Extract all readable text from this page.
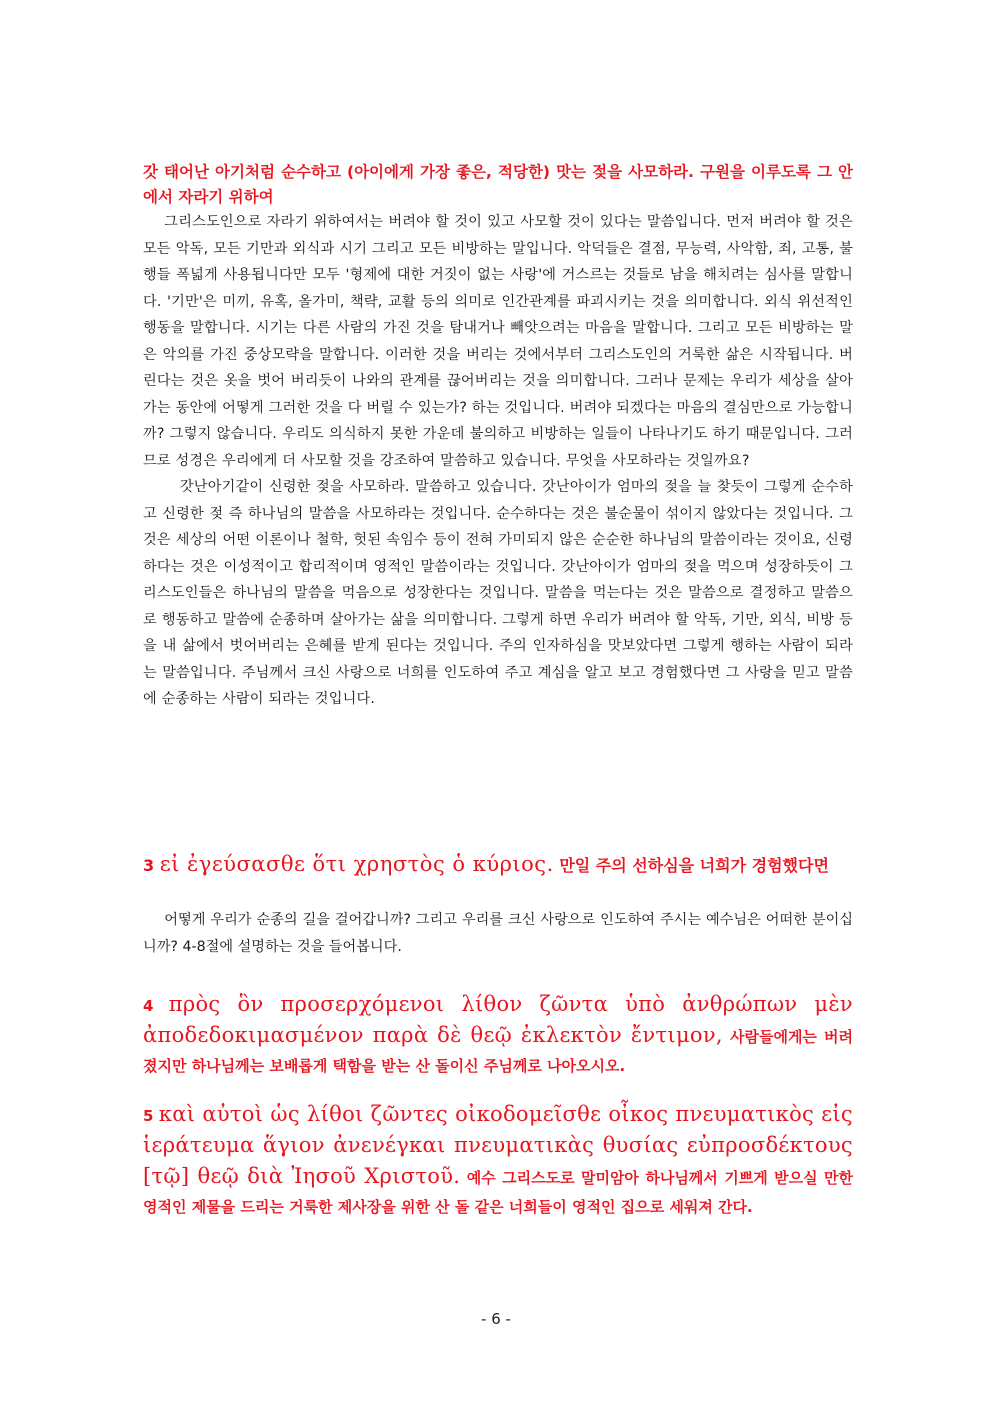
갓 태어난 아기처럼 순수하고 (아이에게 가장 좋은, 적당한) 맛는 젖을 사모하라. 구원을 이루도록 그 안에서 자라기 위하여

그리스도인으로 자라기 위하여서는 버려야 할 것이 있고 사모할 것이 있다는 말씀입니다. 먼저 버려야 할 것은 모든 악독, 모든 기만과 외식과 시기 그리고 모든 비방하는 말입니다. 악덕들은 결점, 무능력, 사악함, 죄, 고통, 불행들 폭넓게 사용됩니다만 모두 '형제에 대한 거짓이 없는 사랑'에 거스르는 것들로 남을 해치려는 심사를 말합니다. '기만'은 미끼, 유혹, 올가미, 책략, 교활 등의 의미로 인간관계를 파괴시키는 것을 의미합니다. 외식 위선적인 행동을 말합니다. 시기는 다른 사람의 가진 것을 탐내거나 빼앗으려는 마음을 말합니다. 그리고 모든 비방하는 말은 악의를 가진 중상모략을 말합니다. 이러한 것을 버리는 것에서부터 그리스도인의 거룩한 삶은 시작됩니다. 버린다는 것은 옷을 벗어 버리듯이 나와의 관계를 끊어버리는 것을 의미합니다. 그러나 문제는 우리가 세상을 살아가는 동안에 어떻게 그러한 것을 다 버릴 수 있는가? 하는 것입니다. 버려야 되겠다는 마음의 결심만으로 가능합니까? 그렇지 않습니다. 우리도 의식하지 못한 가운데 불의하고 비방하는 일들이 나타나기도 하기 때문입니다. 그러므로 성경은 우리에게 더 사모할 것을 강조하여 말씀하고 있습니다. 무엇을 사모하라는 것일까요?

갓난아기같이 신령한 젖을 사모하라. 말씀하고 있습니다. 갓난아이가 엄마의 젖을 늘 찾듯이 그렇게 순수하고 신령한 젖 즉 하나님의 말씀을 사모하라는 것입니다. 순수하다는 것은 불순물이 섞이지 않았다는 것입니다. 그것은 세상의 어떤 이론이나 철학, 헛된 속임수 등이 전혀 가미되지 않은 순순한 하나님의 말씀이라는 것이요, 신령하다는 것은 이성적이고 합리적이며 영적인 말씀이라는 것입니다. 갓난아이가 엄마의 젖을 먹으며 성장하듯이 그리스도인들은 하나님의 말씀을 먹음으로 성장한다는 것입니다. 말씀을 먹는다는 것은 말씀으로 결정하고 말씀으로 행동하고 말씀에 순종하며 살아가는 삶을 의미합니다. 그렇게 하면 우리가 버려야 할 악독, 기만, 외식, 비방 등을 내 삶에서 벗어버리는 은혜를 받게 된다는 것입니다. 주의 인자하심을 맛보았다면 그렇게 행하는 사람이 되라는 말씀입니다. 주님께서 크신 사랑으로 너희를 인도하여 주고 계심을 알고 보고 경험했다면 그 사랑을 믿고 말씀에 순종하는 사람이 되라는 것입니다.

3 εἰ ἐγεύσασθε ὅτι χρηστὸς ὁ κύριος. 만일 주의 선하심을 너희가 경험했다면

어떻게 우리가 순종의 길을 걸어갑니까? 그리고 우리를 크신 사랑으로 인도하여 주시는 예수님은 어떠한 분이십니까? 4-8절에 설명하는 것을 들어봅니다.

4 πρὸς ὃν προσερχόμενοι λίθον ζῶντα ὑπὸ ἀνθρώπων μὲν ἀποδεδοκιμασμένον παρὰ δὲ θεῷ ἐκλεκτὸν ἔντιμον, 사람들에게는 버려졌지만 하나님께는 보배롭게 택함을 받는 산 돌이신 주님께로 나아오시오.

5 καὶ αὐτοὶ ὡς λίθοι ζῶντες οἰκοδομεῖσθε οἶκος πνευματικὸς εἰς ἱεράτευμα ἅγιον ἀνενέγκαι πνευματικὰς θυσίας εὐπροσδέκτους [τῷ] θεῷ διὰ Ἰησοῦ Χριστοῦ. 예수 그리스도로 말미암아 하나님께서 기쁘게 받으실 만한 영적인 제물을 드리는 거룩한 제사장을 위한 산 돌 같은 너희들이 영적인 집으로 세워져 간다.

- 6 -
